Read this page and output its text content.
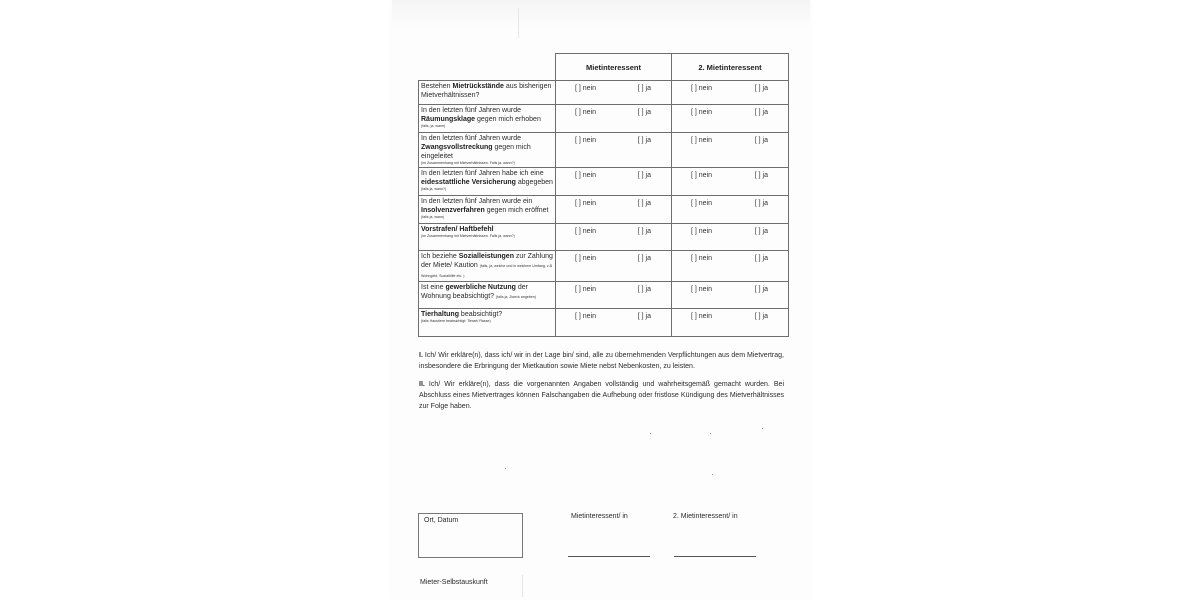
	Mietinteressent	2. Mietinteressent

Bestehen Mietrückstände aus bisherigen Mietverhältnissen?	[ ] nein [ ] ja	[ ] nein [ ] ja

In den letzten fünf Jahren wurde Räumungsklage gegen mich erhoben
(falls, ja, wann)	[ ] nein [ ] ja	[ ] nein [ ] ja

In den letzten fünf Jahren wurde Zwangsvollstreckung gegen mich eingeleitet
(im Zusammenhang mit Mietverhältnissen. Falls ja, wann?)	[ ] nein [ ] ja	[ ] nein [ ] ja

In den letzten fünf Jahren habe ich eine eidesstattliche Versicherung abgegeben
(falls ja, wann?)	[ ] nein [ ] ja	[ ] nein [ ] ja

In den letzten fünf Jahren wurde ein Insolvenzverfahren gegen mich eröffnet
(falls ja, wann)	[ ] nein [ ] ja	[ ] nein [ ] ja

Vorstrafen/ Haftbefehl
(im Zusammenhang mit Mietverhältnissen. Falls ja, wann?)	[ ] nein [ ] ja	[ ] nein [ ] ja

Ich beziehe Sozialleistungen zur Zahlung der Miete/ Kaution (falls, ja, welche und in welchem Umfang, z.B Wohngeld, Sozialhilfe etc. )	[ ] nein [ ] ja	[ ] nein [ ] ja

Ist eine gewerbliche Nutzung der Wohnung beabsichtigt? (falls ja, Zweck angeben)	[ ] nein [ ] ja	[ ] nein [ ] ja

Tierhaltung beabsichtigt?
(falls Haustiere beabsichtigt: Tierart/ Rasse)	[ ] nein [ ] ja	[ ] nein [ ] ja

I. Ich/ Wir erkläre(n), dass ich/ wir in der Lage bin/ sind, alle zu übernehmenden Verpflichtungen aus dem Mietvertrag, insbesondere die Erbringung der Mietkaution sowie Miete nebst Nebenkosten, zu leisten.

II. Ich/ Wir erkläre(n), dass die vorgenannten Angaben vollständig und wahrheitsgemäß gemacht wurden. Bei Abschluss eines Mietvertrages können Falschangaben die Aufhebung oder fristlose Kündigung des Mietverhältnisses zur Folge haben.

Ort, Datum
Mietinteressent/ in	2. Mietinteressent/ in
Mieter-Selbstauskunft
